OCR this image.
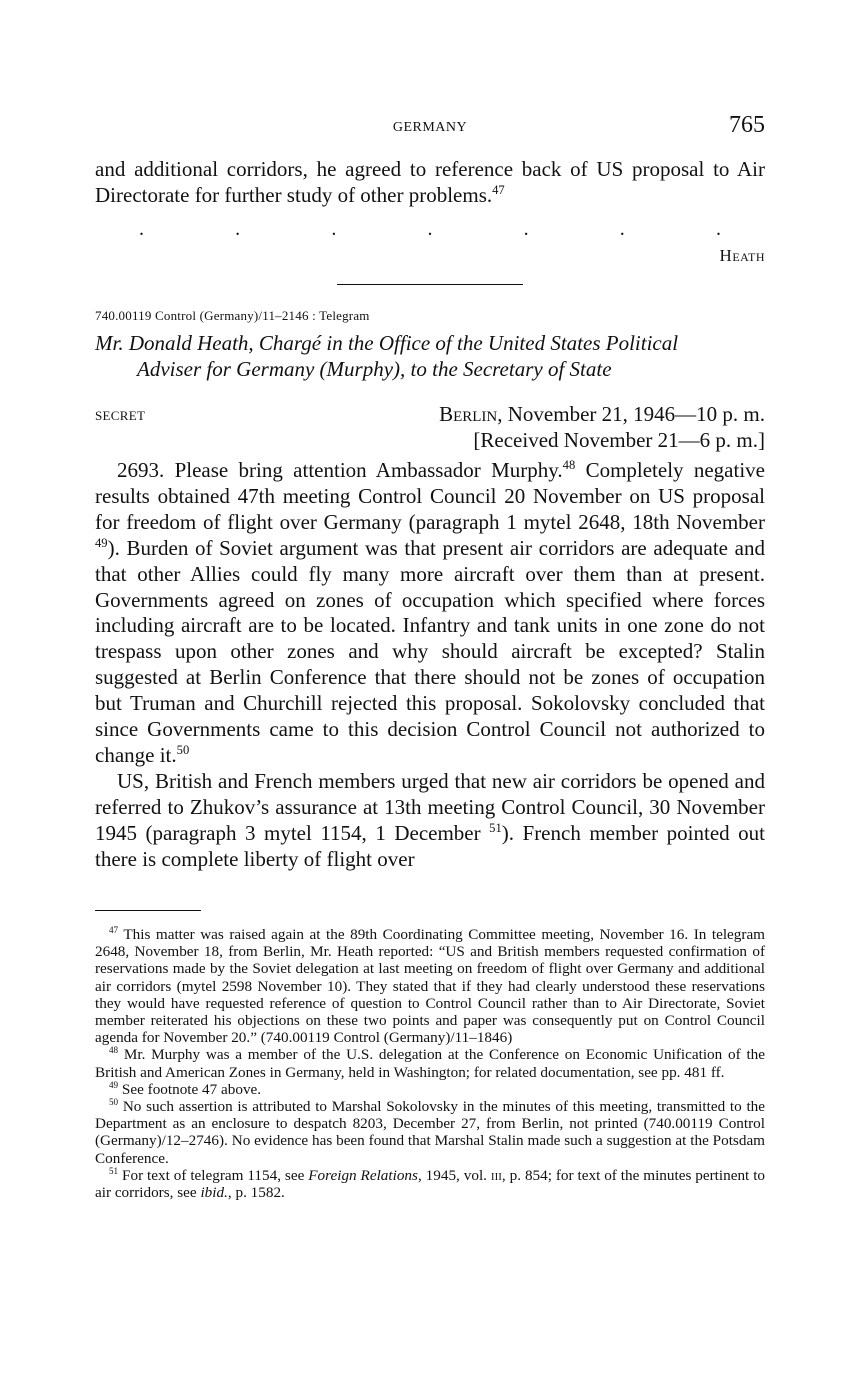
GERMANY	765

and additional corridors, he agreed to reference back of US proposal to Air Directorate for further study of other problems.$^{47}$

.	.	.	.	.	.	.
Heath
740.00119 Control (Germany)/11–2146 : Telegram
Mr. Donald Heath, Chargé in the Office of the United States Political
Adviser for Germany (Murphy), to the Secretary of State
SECRET	Berlin, November 21, 1946—10 p. m.
[Received November 21—6 p. m.]

2693. Please bring attention Ambassador Murphy.$^{48}$ Completely negative results obtained 47th meeting Control Council 20 November on US proposal for freedom of flight over Germany (paragraph 1 mytel 2648, 18th November $^{49}$). Burden of Soviet argument was that present air corridors are adequate and that other Allies could fly many more aircraft over them than at present. Governments agreed on zones of occupation which specified where forces including aircraft are to be located. Infantry and tank units in one zone do not trespass upon other zones and why should aircraft be excepted? Stalin suggested at Berlin Conference that there should not be zones of occupation but Truman and Churchill rejected this proposal. Sokolovsky concluded that since Governments came to this decision Control Council not authorized to change it.$^{50}$

US, British and French members urged that new air corridors be opened and referred to Zhukov’s assurance at 13th meeting Control Council, 30 November 1945 (paragraph 3 mytel 1154, 1 December $^{51}$). French member pointed out there is complete liberty of flight over

$^{47}$ This matter was raised again at the 89th Coordinating Committee meeting, November 16. In telegram 2648, November 18, from Berlin, Mr. Heath reported: “US and British members requested confirmation of reservations made by the Soviet delegation at last meeting on freedom of flight over Germany and additional air corridors (mytel 2598 November 10). They stated that if they had clearly understood these reservations they would have requested reference of question to Control Council rather than to Air Directorate, Soviet member reiterated his objections on these two points and paper was consequently put on Control Council agenda for November 20.” (740.00119 Control (Germany)/11–1846)

$^{48}$ Mr. Murphy was a member of the U.S. delegation at the Conference on Economic Unification of the British and American Zones in Germany, held in Washington; for related documentation, see pp. 481 ff.

$^{49}$ See footnote 47 above.

$^{50}$ No such assertion is attributed to Marshal Sokolovsky in the minutes of this meeting, transmitted to the Department as an enclosure to despatch 8203, December 27, from Berlin, not printed (740.00119 Control (Germany)/12–2746). No evidence has been found that Marshal Stalin made such a suggestion at the Potsdam Conference.

$^{51}$ For text of telegram 1154, see Foreign Relations, 1945, vol. iii, p. 854; for text of the minutes pertinent to air corridors, see ibid., p. 1582.
